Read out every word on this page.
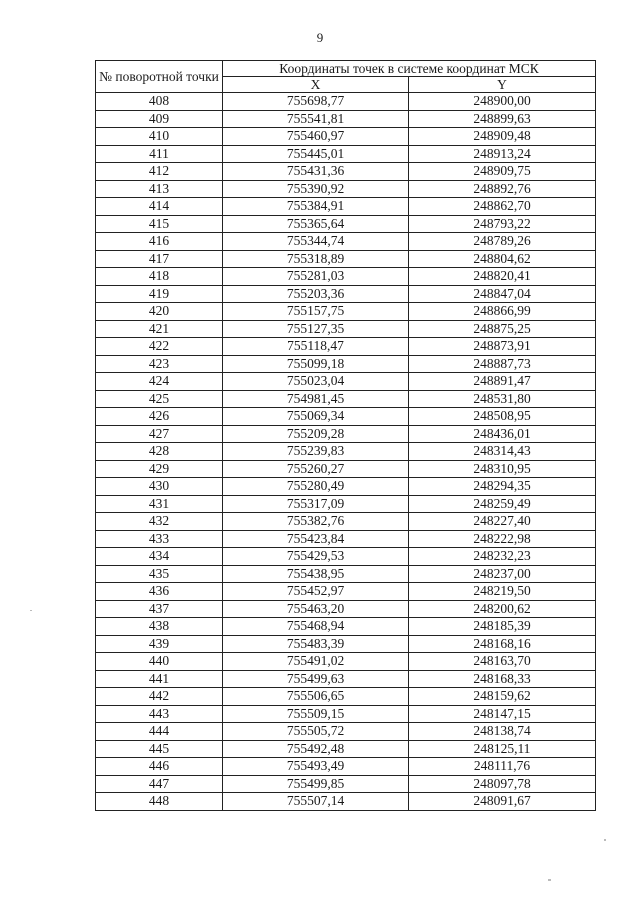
9
№ поворотной точки	Координаты точек в системе координат МСК	
	X	Y
408	755698,77	248900,00
409	755541,81	248899,63
410	755460,97	248909,48
411	755445,01	248913,24
412	755431,36	248909,75
413	755390,92	248892,76
414	755384,91	248862,70
415	755365,64	248793,22
416	755344,74	248789,26
417	755318,89	248804,62
418	755281,03	248820,41
419	755203,36	248847,04
420	755157,75	248866,99
421	755127,35	248875,25
422	755118,47	248873,91
423	755099,18	248887,73
424	755023,04	248891,47
425	754981,45	248531,80
426	755069,34	248508,95
427	755209,28	248436,01
428	755239,83	248314,43
429	755260,27	248310,95
430	755280,49	248294,35
431	755317,09	248259,49
432	755382,76	248227,40
433	755423,84	248222,98
434	755429,53	248232,23
435	755438,95	248237,00
436	755452,97	248219,50
437	755463,20	248200,62
438	755468,94	248185,39
439	755483,39	248168,16
440	755491,02	248163,70
441	755499,63	248168,33
442	755506,65	248159,62
443	755509,15	248147,15
444	755505,72	248138,74
445	755492,48	248125,11
446	755493,49	248111,76
447	755499,85	248097,78
448	755507,14	248091,67
